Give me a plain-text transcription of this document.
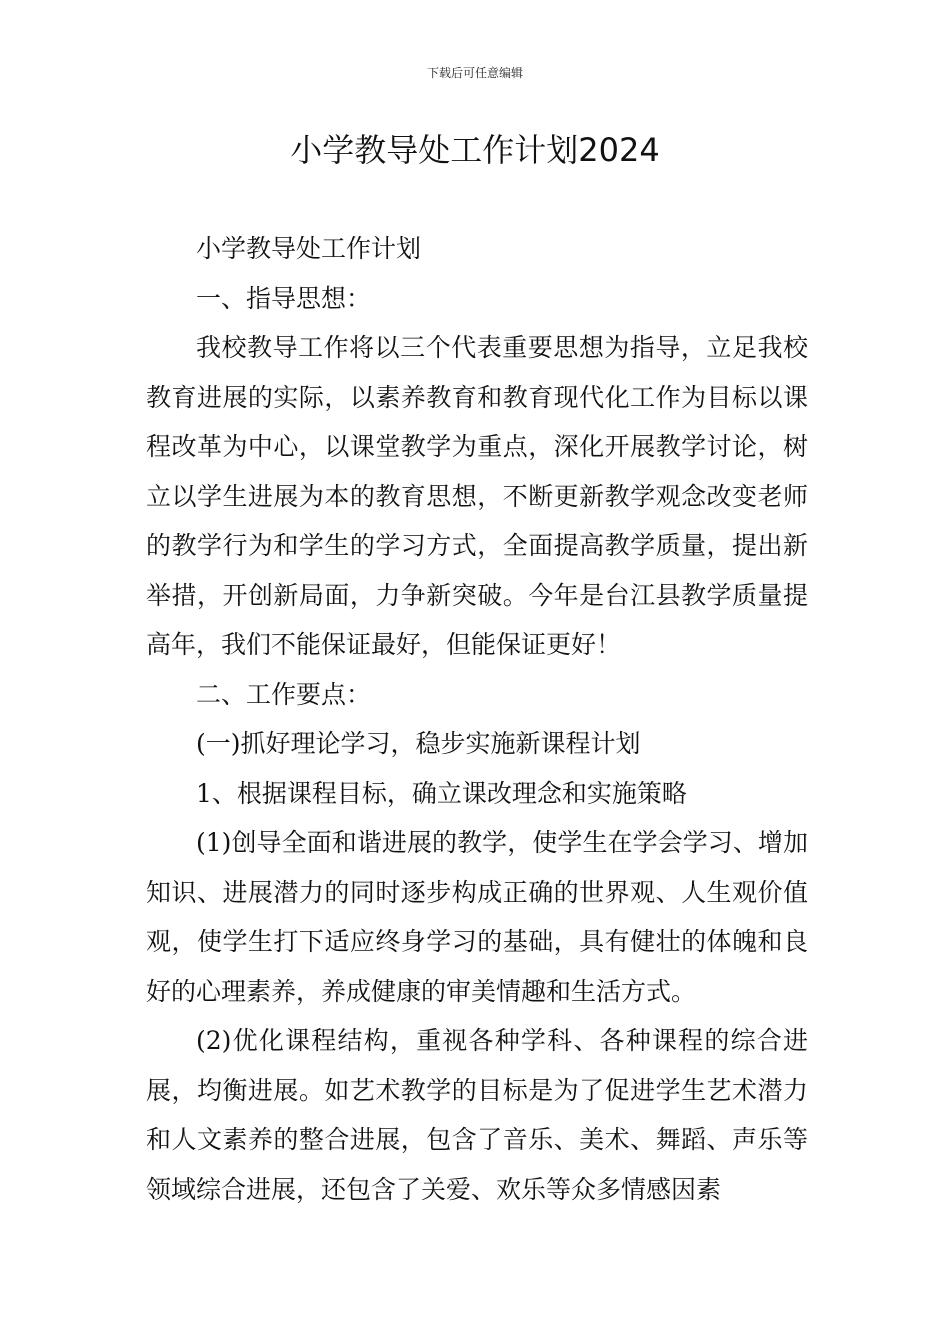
下载后可任意编辑
小学教导处工作计划2024

小学教导处工作计划

一、指导思想：

我校教导工作将以三个代表重要思想为指导，立足我校教育进展的实际，以素养教育和教育现代化工作为目标以课程改革为中心，以课堂教学为重点，深化开展教学讨论，树立以学生进展为本的教育思想，不断更新教学观念改变老师的教学行为和学生的学习方式，全面提高教学质量，提出新举措，开创新局面，力争新突破。今年是台江县教学质量提高年，我们不能保证最好，但能保证更好！

二、工作要点：

(一)抓好理论学习，稳步实施新课程计划

1、根据课程目标，确立课改理念和实施策略

(1)创导全面和谐进展的教学，使学生在学会学习、增加知识、进展潜力的同时逐步构成正确的世界观、人生观价值观，使学生打下适应终身学习的基础，具有健壮的体魄和良好的心理素养，养成健康的审美情趣和生活方式。

(2)优化课程结构，重视各种学科、各种课程的综合进展，均衡进展。如艺术教学的目标是为了促进学生艺术潜力和人文素养的整合进展，包含了音乐、美术、舞蹈、声乐等领域综合进展，还包含了关爱、欢乐等众多情感因素
